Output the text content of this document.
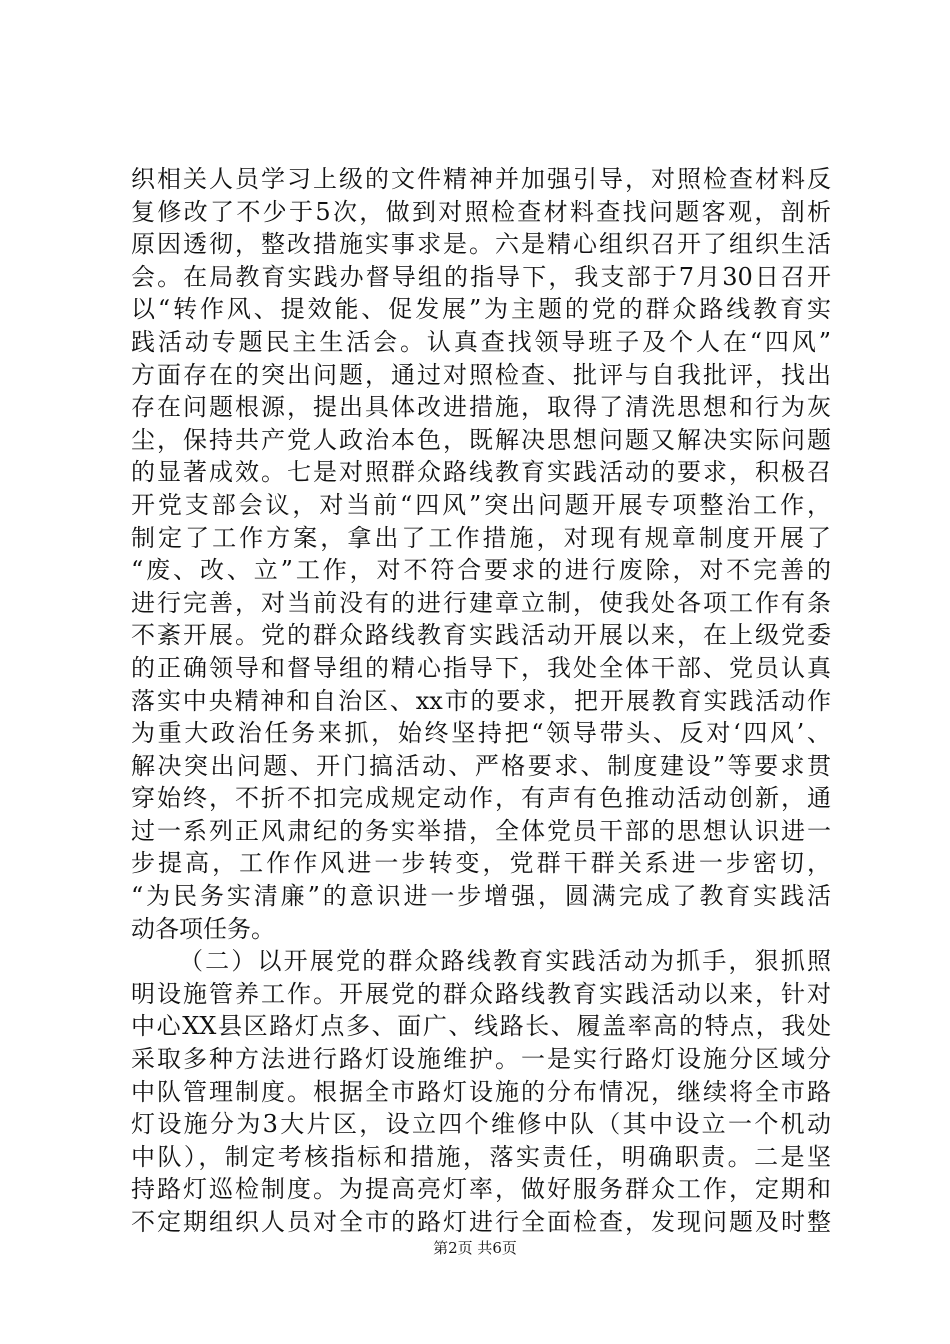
织相关人员学习上级的文件精神并加强引导，对照检查材料反
复修改了不少于5次，做到对照检查材料查找问题客观，剖析
原因透彻，整改措施实事求是。六是精心组织召开了组织生活
会。在局教育实践办督导组的指导下，我支部于7月30日召开
以“转作风、提效能、促发展”为主题的党的群众路线教育实
践活动专题民主生活会。认真查找领导班子及个人在“四风”
方面存在的突出问题，通过对照检查、批评与自我批评，找出
存在问题根源，提出具体改进措施，取得了清洗思想和行为灰
尘，保持共产党人政治本色，既解决思想问题又解决实际问题
的显著成效。七是对照群众路线教育实践活动的要求，积极召
开党支部会议，对当前“四风”突出问题开展专项整治工作，
制定了工作方案，拿出了工作措施，对现有规章制度开展了
“废、改、立”工作，对不符合要求的进行废除，对不完善的
进行完善，对当前没有的进行建章立制，使我处各项工作有条
不紊开展。党的群众路线教育实践活动开展以来，在上级党委
的正确领导和督导组的精心指导下，我处全体干部、党员认真
落实中央精神和自治区、xx市的要求，把开展教育实践活动作
为重大政治任务来抓，始终坚持把“领导带头、反对‘四风’、
解决突出问题、开门搞活动、严格要求、制度建设”等要求贯
穿始终，不折不扣完成规定动作，有声有色推动活动创新，通
过一系列正风肃纪的务实举措，全体党员干部的思想认识进一
步提高，工作作风进一步转变，党群干群关系进一步密切，
“为民务实清廉”的意识进一步增强，圆满完成了教育实践活
动各项任务。
（二）以开展党的群众路线教育实践活动为抓手，狠抓照
明设施管养工作。开展党的群众路线教育实践活动以来，针对
中心XX县区路灯点多、面广、线路长、履盖率高的特点，我处
采取多种方法进行路灯设施维护。一是实行路灯设施分区域分
中队管理制度。根据全市路灯设施的分布情况，继续将全市路
灯设施分为3大片区，设立四个维修中队（其中设立一个机动
中队），制定考核指标和措施，落实责任，明确职责。二是坚
持路灯巡检制度。为提高亮灯率，做好服务群众工作，定期和
不定期组织人员对全市的路灯进行全面检查，发现问题及时整
第2页 共6页
